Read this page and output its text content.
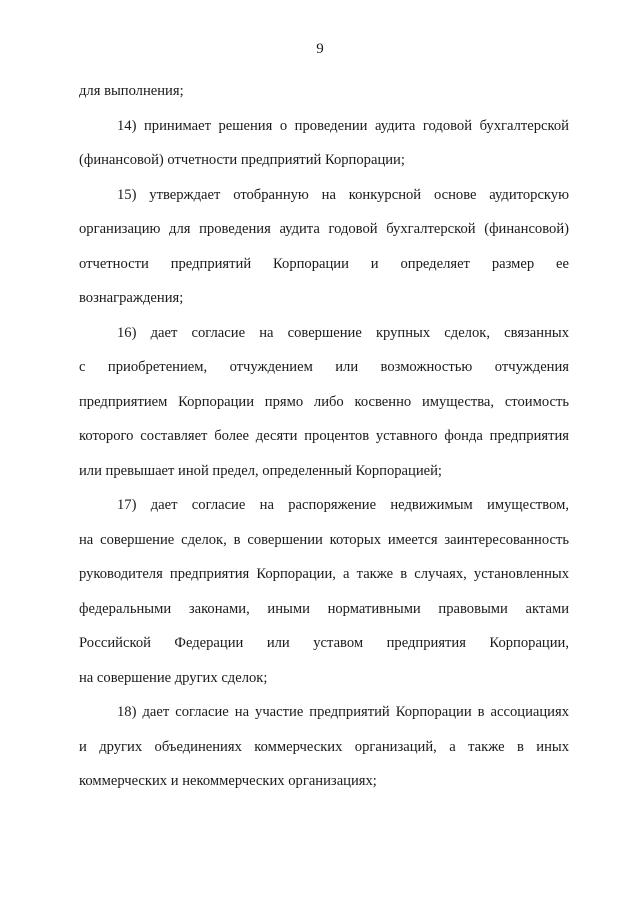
9
для выполнения;
14) принимает решения о проведении аудита годовой бухгалтерской
(финансовой) отчетности предприятий Корпорации;
15) утверждает отобранную на конкурсной основе аудиторскую
организацию для проведения аудита годовой бухгалтерской (финансовой)
отчетности предприятий Корпорации и определяет размер ее
вознаграждения;
16) дает согласие на совершение крупных сделок, связанных
с приобретением, отчуждением или возможностью отчуждения
предприятием Корпорации прямо либо косвенно имущества, стоимость
которого составляет более десяти процентов уставного фонда предприятия
или превышает иной предел, определенный Корпорацией;
17) дает согласие на распоряжение недвижимым имуществом,
на совершение сделок, в совершении которых имеется заинтересованность
руководителя предприятия Корпорации, а также в случаях, установленных
федеральными законами, иными нормативными правовыми актами
Российской Федерации или уставом предприятия Корпорации,
на совершение других сделок;
18) дает согласие на участие предприятий Корпорации в ассоциациях
и других объединениях коммерческих организаций, а также в иных
коммерческих и некоммерческих организациях;
